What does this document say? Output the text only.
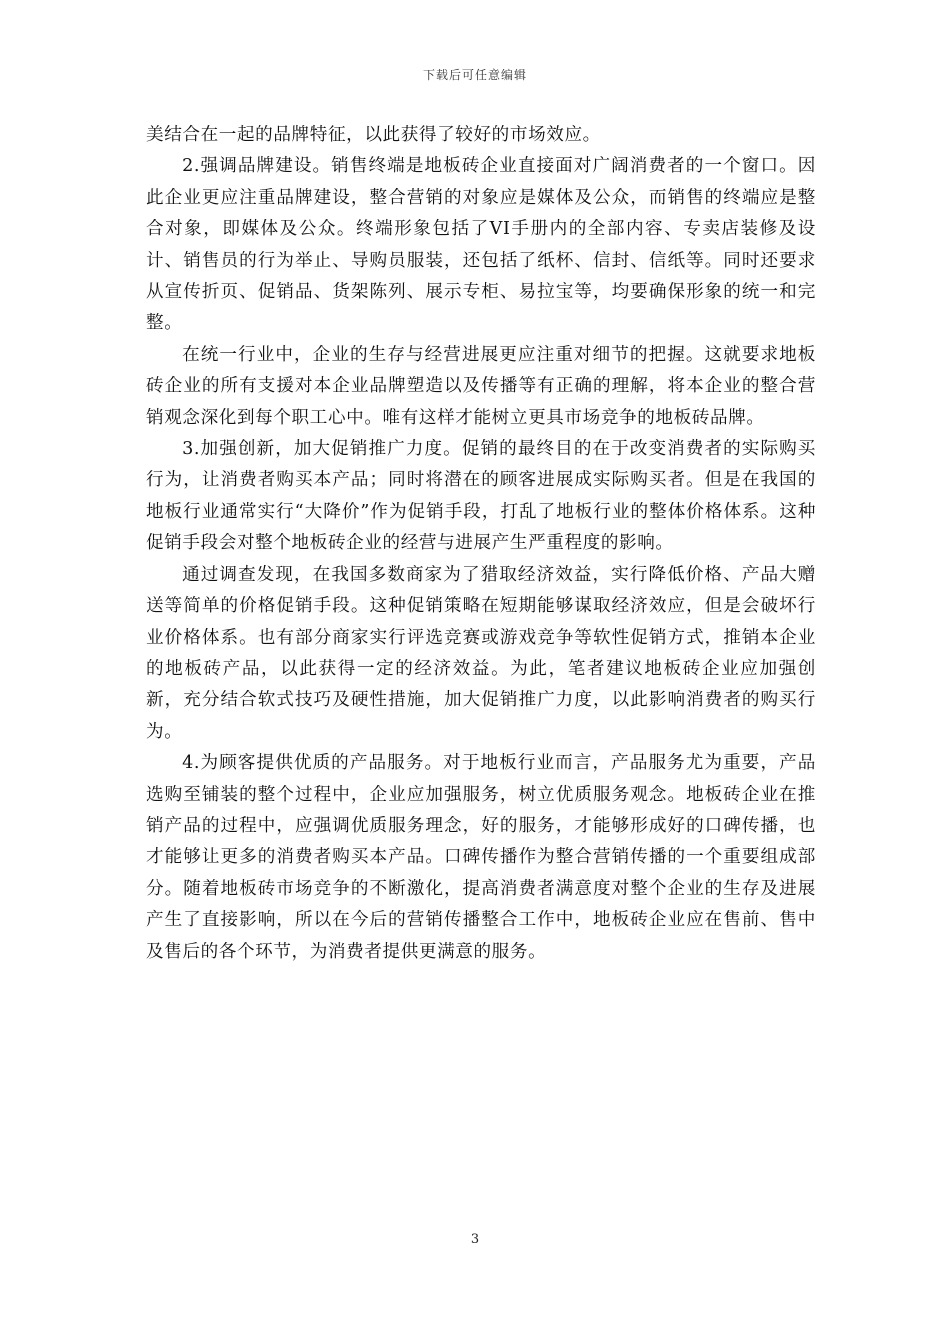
下载后可任意编辑

美结合在一起的品牌特征，以此获得了较好的市场效应。

2.强调品牌建设。销售终端是地板砖企业直接面对广阔消费者的一个窗口。因此企业更应注重品牌建设，整合营销的对象应是媒体及公众，而销售的终端应是整合对象，即媒体及公众。终端形象包括了VI手册内的全部内容、专卖店装修及设计、销售员的行为举止、导购员服装，还包括了纸杯、信封、信纸等。同时还要求从宣传折页、促销品、货架陈列、展示专柜、易拉宝等，均要确保形象的统一和完整。

在统一行业中，企业的生存与经营进展更应注重对细节的把握。这就要求地板砖企业的所有支援对本企业品牌塑造以及传播等有正确的理解，将本企业的整合营销观念深化到每个职工心中。唯有这样才能树立更具市场竞争的地板砖品牌。

3.加强创新，加大促销推广力度。促销的最终目的在于改变消费者的实际购买行为，让消费者购买本产品；同时将潜在的顾客进展成实际购买者。但是在我国的地板行业通常实行“大降价”作为促销手段，打乱了地板行业的整体价格体系。这种促销手段会对整个地板砖企业的经营与进展产生严重程度的影响。

通过调查发现，在我国多数商家为了猎取经济效益，实行降低价格、产品大赠送等简单的价格促销手段。这种促销策略在短期能够谋取经济效应，但是会破坏行业价格体系。也有部分商家实行评选竞赛或游戏竞争等软性促销方式，推销本企业的地板砖产品，以此获得一定的经济效益。为此，笔者建议地板砖企业应加强创新，充分结合软式技巧及硬性措施，加大促销推广力度，以此影响消费者的购买行为。

4.为顾客提供优质的产品服务。对于地板行业而言，产品服务尤为重要，产品选购至铺装的整个过程中，企业应加强服务，树立优质服务观念。地板砖企业在推销产品的过程中，应强调优质服务理念，好的服务，才能够形成好的口碑传播，也才能够让更多的消费者购买本产品。口碑传播作为整合营销传播的一个重要组成部分。随着地板砖市场竞争的不断激化，提高消费者满意度对整个企业的生存及进展产生了直接影响，所以在今后的营销传播整合工作中，地板砖企业应在售前、售中及售后的各个环节，为消费者提供更满意的服务。

3
